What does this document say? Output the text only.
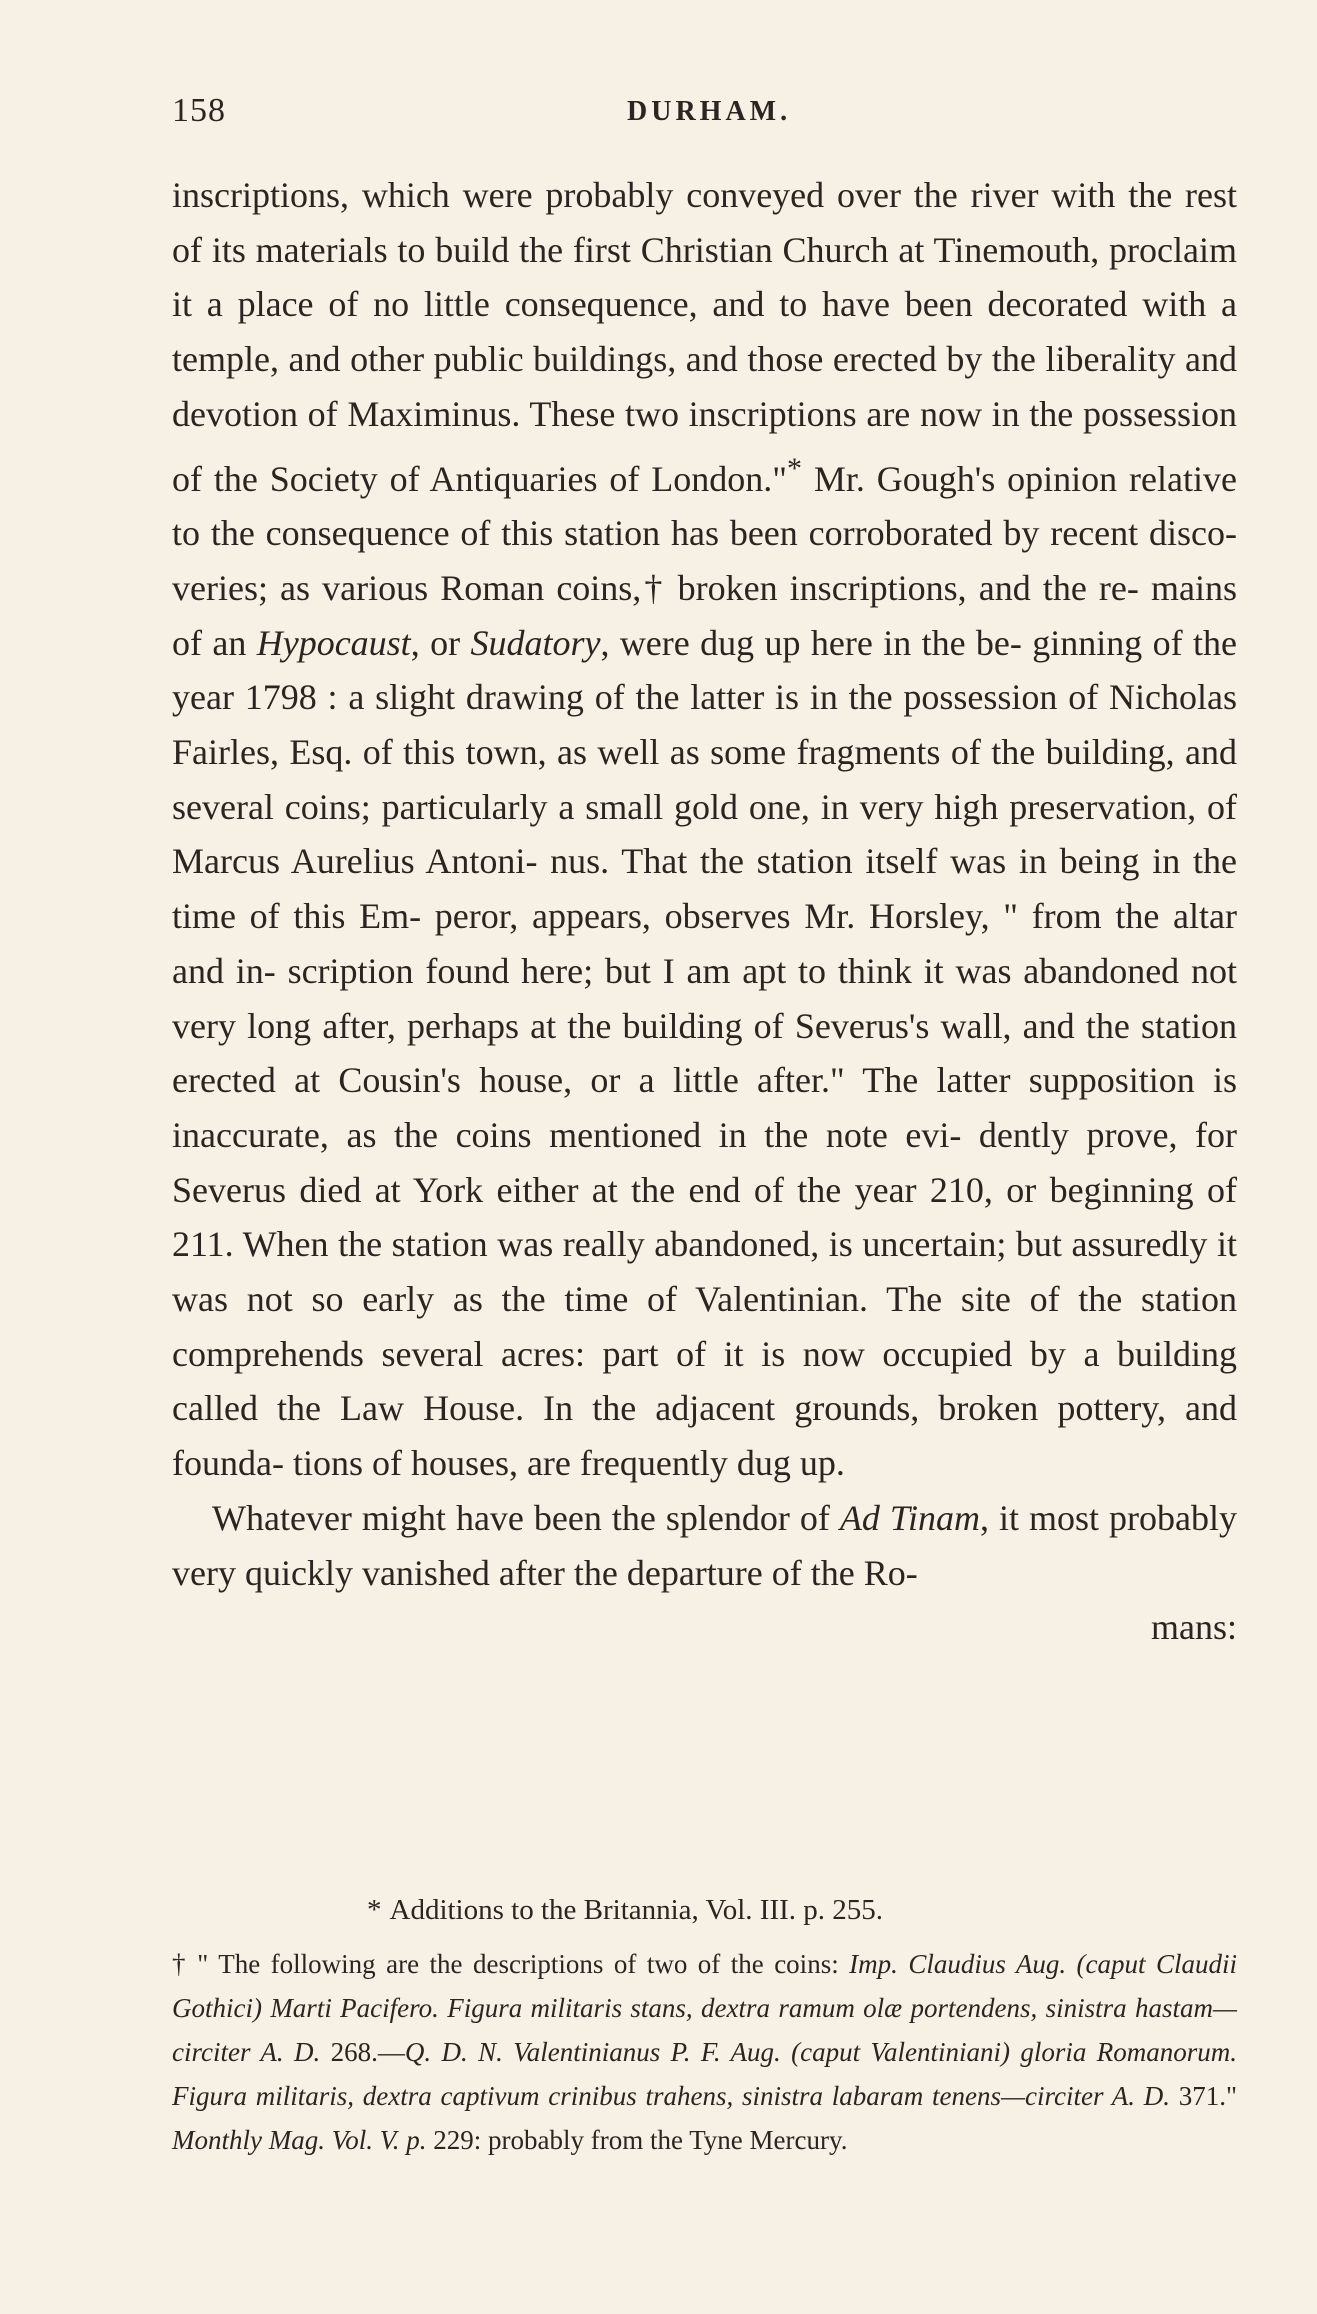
158	DURHAM.

inscriptions, which were probably conveyed over the river with the rest of its materials to build the first Christian Church at Tinemouth, proclaim it a place of no little consequence, and to have been decorated with a temple, and other public buildings, and those erected by the liberality and devotion of Maximinus. These two inscriptions are now in the possession of the Society of Antiquaries of London."* Mr. Gough's opinion relative to the consequence of this station has been corroborated by recent disco- veries; as various Roman coins,† broken inscriptions, and the re- mains of an Hypocaust, or Sudatory, were dug up here in the be- ginning of the year 1798 : a slight drawing of the latter is in the possession of Nicholas Fairles, Esq. of this town, as well as some fragments of the building, and several coins; particularly a small gold one, in very high preservation, of Marcus Aurelius Antoni- nus. That the station itself was in being in the time of this Em- peror, appears, observes Mr. Horsley, " from the altar and in- scription found here; but I am apt to think it was abandoned not very long after, perhaps at the building of Severus's wall, and the station erected at Cousin's house, or a little after." The latter supposition is inaccurate, as the coins mentioned in the note evi- dently prove, for Severus died at York either at the end of the year 210, or beginning of 211. When the station was really abandoned, is uncertain; but assuredly it was not so early as the time of Valentinian. The site of the station comprehends several acres: part of it is now occupied by a building called the Law House. In the adjacent grounds, broken pottery, and founda- tions of houses, are frequently dug up.

Whatever might have been the splendor of Ad Tinam, it most probably very quickly vanished after the departure of the Ro-

mans:

* Additions to the Britannia, Vol. III. p. 255.

† " The following are the descriptions of two of the coins: Imp. Claudius Aug. (caput Claudii Gothici) Marti Pacifero. Figura militaris stans, dextra ramum olæ portendens, sinistra hastam—circiter A. D. 268.—Q. D. N. Valentinianus P. F. Aug. (caput Valentiniani) gloria Romanorum. Figura militaris, dextra captivum crinibus trahens, sinistra labaram tenens—circiter A. D. 371." Monthly Mag. Vol. V. p. 229: probably from the Tyne Mercury.
